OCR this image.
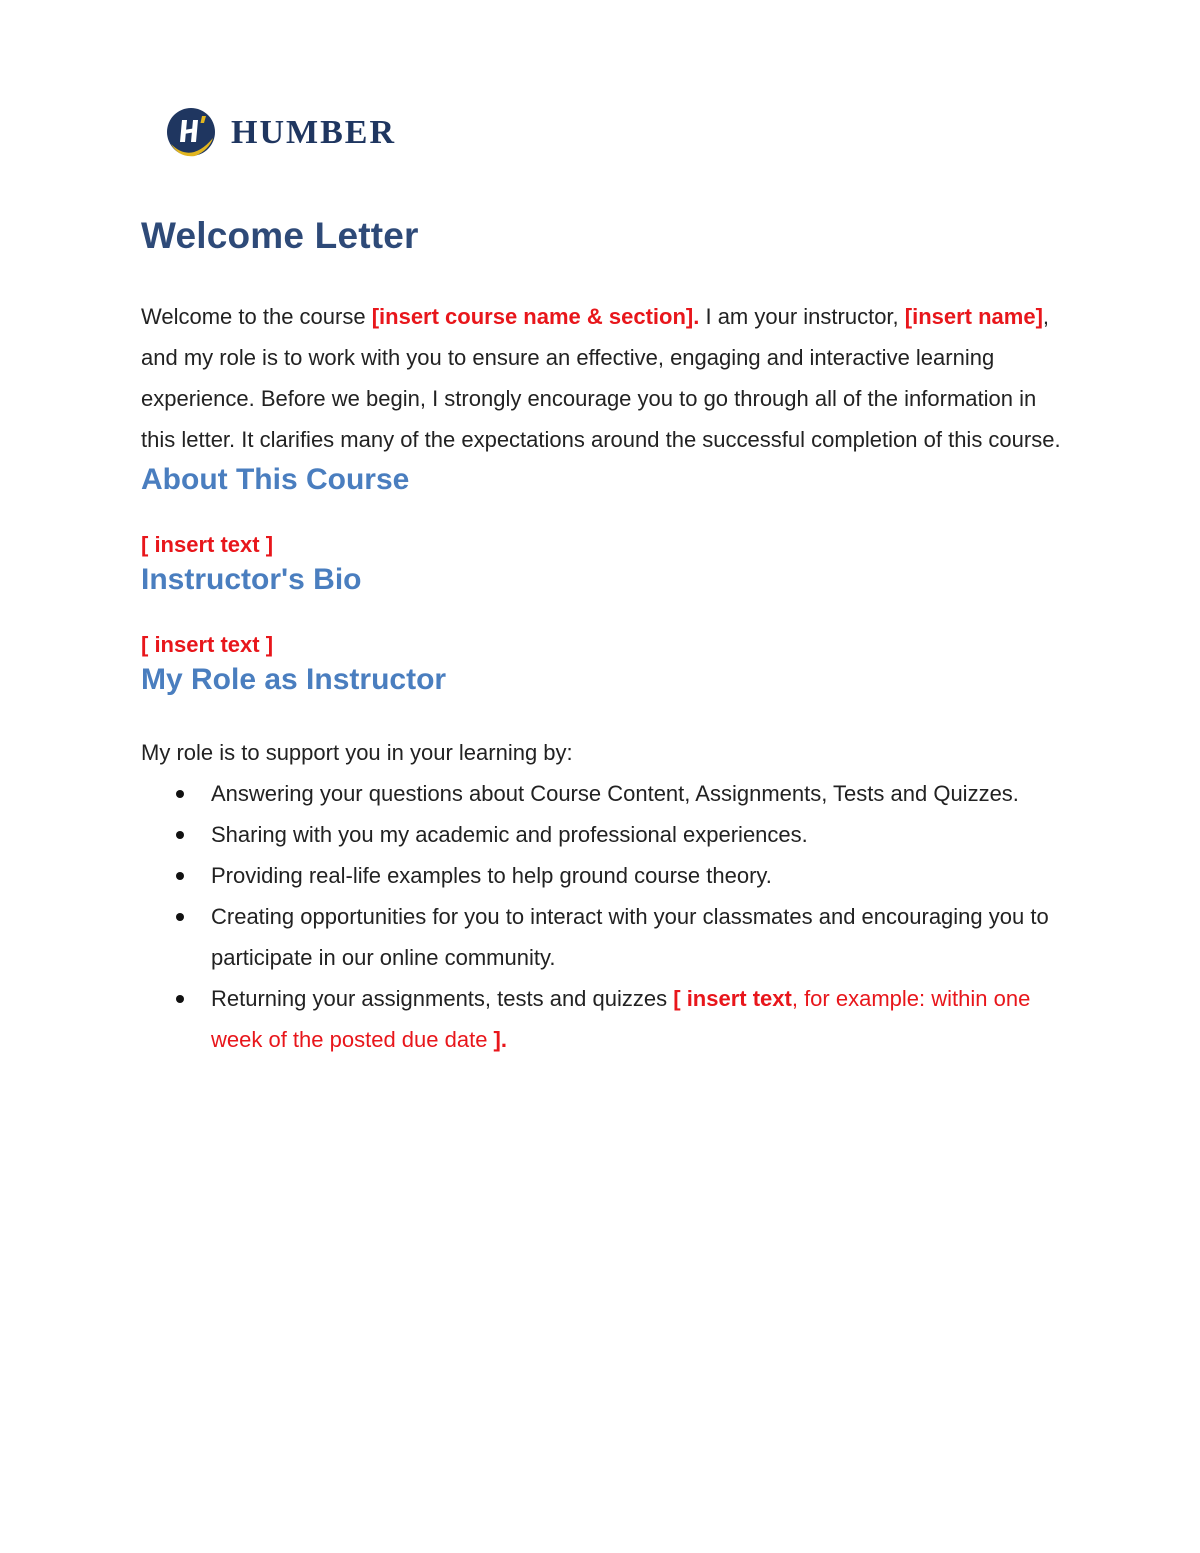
HUMBER
Welcome Letter

Welcome to the course [insert course name & section]. I am your instructor, [insert name], and my role is to work with you to ensure an effective, engaging and interactive learning experience. Before we begin, I strongly encourage you to go through all of the information in this letter. It clarifies many of the expectations around the successful completion of this course.

About This Course

[ insert text ]

Instructor's Bio

[ insert text ]

My Role as Instructor

My role is to support you in your learning by:

Answering your questions about Course Content, Assignments, Tests and Quizzes.
Sharing with you my academic and professional experiences.
Providing real-life examples to help ground course theory.
Creating opportunities for you to interact with your classmates and encouraging you to participate in our online community.
Returning your assignments, tests and quizzes [ insert text, for example: within one week of the posted due date ].
